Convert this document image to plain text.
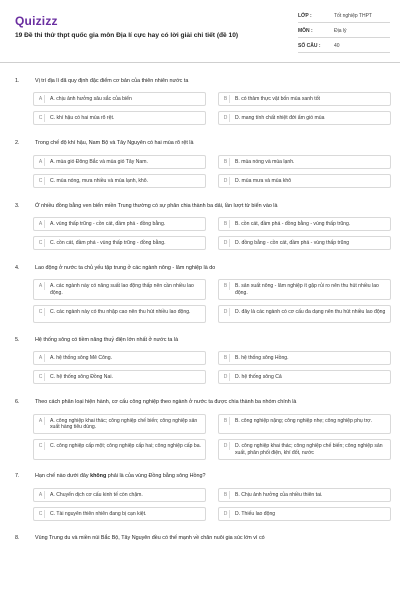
Quizizz
19 Đề thi thử thpt quốc gia môn Địa lí cực hay có lời giải chi tiết (đề 10)
LỚP :	Tốt nghiệp THPT
MÔN :	Địa lý
SỐ CÂU :	40
1.	Vị trí địa lí đã quy định đặc điểm cơ bản của thiên nhiên nước ta
A	A. chịu ảnh hưởng sâu sắc của biển	B	B. có thảm thực vật bốn mùa xanh tốt
C	C. khí hậu có hai mùa rõ rệt.	D	D. mang tính chất nhiệt đới ẩm gió mùa
2.	Trong chế độ khí hậu, Nam Bộ và Tây Nguyên có hai mùa rõ rệt là
A	A. mùa gió Đông Bắc và mùa gió Tây Nam.	B	B. mùa nóng và mùa lạnh.
C	C. mùa nóng, mưa nhiều và mùa lạnh, khô.	D	D. mùa mưa và mùa khô
3.	Ở nhiều đồng bằng ven biển miền Trung thường có sự phân chia thành ba dải, lần lượt từ biển vào là
A	A. vùng thấp trũng - cồn cát, đầm phá - đồng bằng.	B	B. cồn cát, đầm phá - đồng bằng - vùng thấp trũng.
C	C. cồn cát, đầm phá - vùng thấp trũng - đồng bằng.	D	D. đồng bằng - cồn cát, đầm phá - vùng thấp trũng
4.	Lao động ở nước ta chủ yếu tập trung ở các ngành nông - lâm nghiệp là do
A	A. các ngành này có năng suất lao động thấp nên cần nhiều lao động.
B	B. sản xuất nông - lâm nghiệp ít gặp rủi ro nên thu hút nhiều lao động.
C	C. các ngành này có thu nhập cao nên thu hút nhiều lao động.	D	D. đây là các ngành có cơ cấu đa dạng nên thu hút nhiều lao động
5.	Hệ thống sông có tiềm năng thuỷ điện lớn nhất ở nước ta là
A	A. hệ thống sông Mê Công.	B	B. hệ thống sông Hồng.
C	C. hệ thống sông Đồng Nai.	D	D. hệ thống sông Cả
6.	Theo cách phân loại hiện hành, cơ cấu công nghiệp theo ngành ở nước ta được chia thành ba nhóm chính là
A	A. công nghiệp khai thác; công nghiệp chế biến; công nghiệp sản xuất hàng tiêu dùng.
B	B. công nghiệp nặng; công nghiệp nhẹ; công nghiệp phụ trợ.
C	C. công nghiệp cấp một; công nghiệp cấp hai; công nghiệp cấp ba.	D	D. công nghiệp khai thác; công nghiệp chế biến; công nghiệp sản xuất, phân phối điện, khí đốt, nước
7.	Hạn chế nào dưới đây không phải là của vùng Đồng bằng sông Hồng?
A	A. Chuyển dịch cơ cấu kinh tế còn chậm.	B	B. Chịu ảnh hưởng của nhiều thiên tai.
C	C. Tài nguyên thiên nhiên đang bị cạn kiệt.	D	D. Thiếu lao động
8.	Vùng Trung du và miền núi Bắc Bộ, Tây Nguyên đều có thế mạnh về chăn nuôi gia súc lớn vì có
